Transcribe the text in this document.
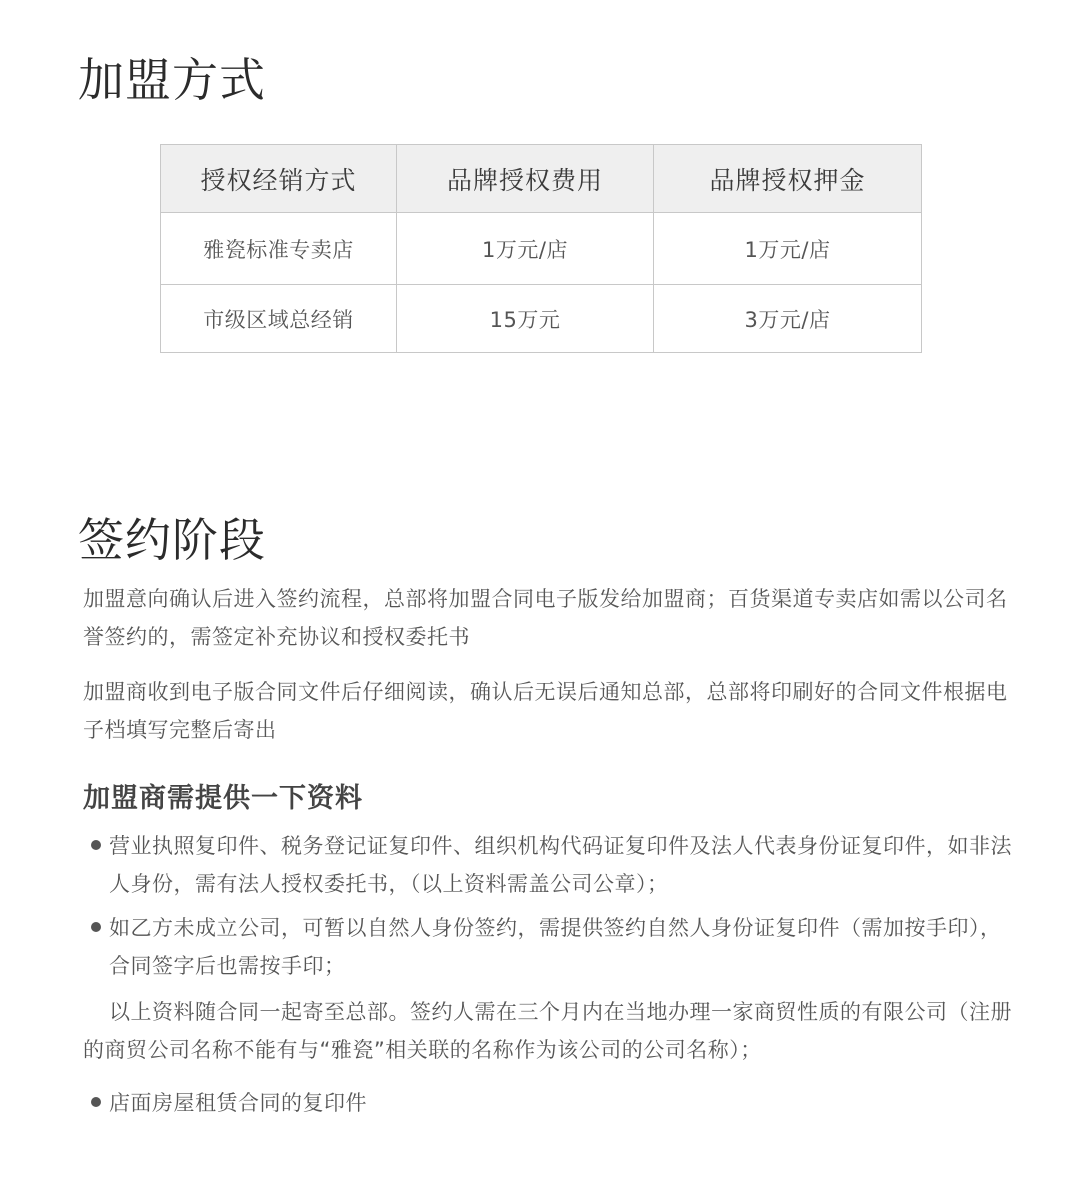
加盟方式
授权经销方式	品牌授权费用	品牌授权押金
雅瓷标准专卖店	1万元/店	1万元/店
市级区域总经销	15万元	3万元/店
签约阶段

加盟意向确认后进入签约流程，总部将加盟合同电子版发给加盟商；百货渠道专卖店如需以公司名誉签约的，需签定补充协议和授权委托书

加盟商收到电子版合同文件后仔细阅读，确认后无误后通知总部，总部将印刷好的合同文件根据电子档填写完整后寄出

加盟商需提供一下资料

营业执照复印件、税务登记证复印件、组织机构代码证复印件及法人代表身份证复印件，如非法人身份，需有法人授权委托书，（以上资料需盖公司公章）；

如乙方未成立公司，可暂以自然人身份签约，需提供签约自然人身份证复印件（需加按手印），合同签字后也需按手印；

以上资料随合同一起寄至总部。签约人需在三个月内在当地办理一家商贸性质的有限公司（注册的商贸公司名称不能有与“雅瓷”相关联的名称作为该公司的公司名称）；

店面房屋租赁合同的复印件
